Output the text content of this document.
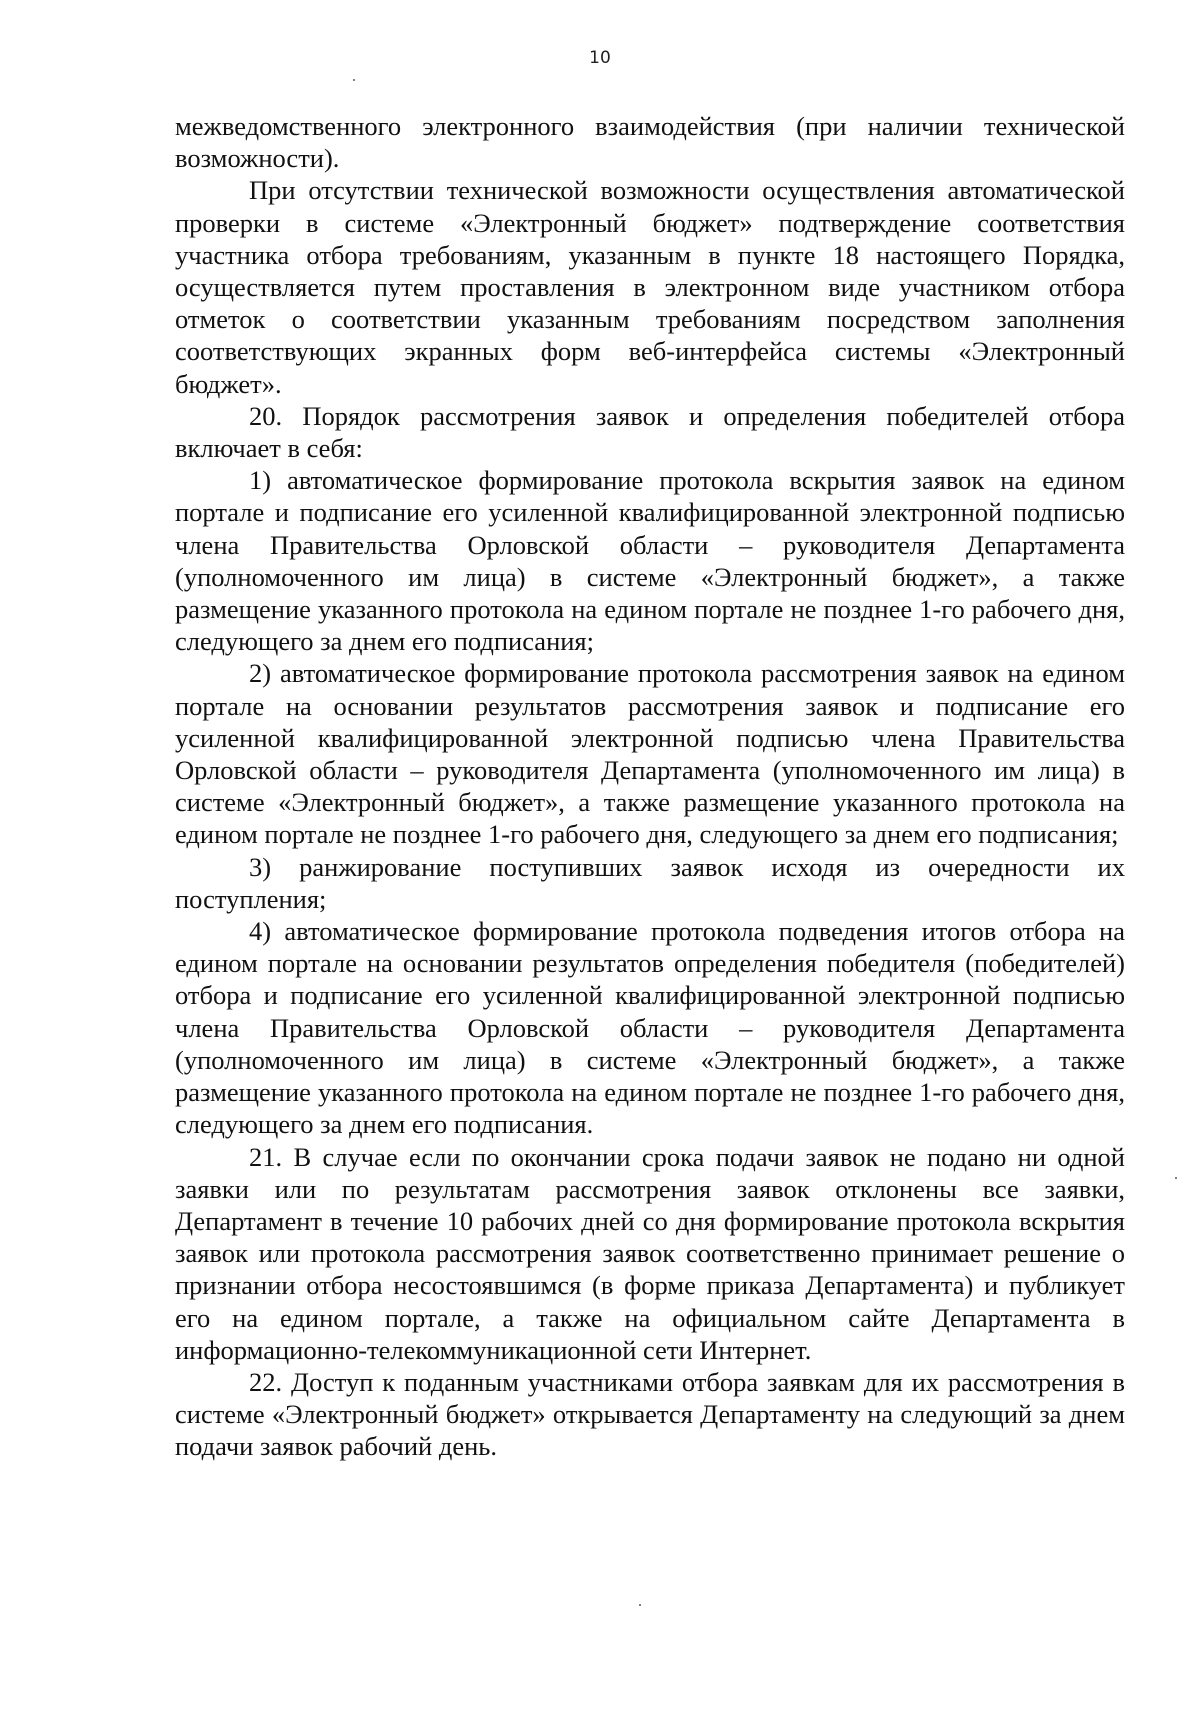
10

межведомственного электронного взаимодействия (при наличии технической возможности).

При отсутствии технической возможности осуществления автоматической проверки в системе «Электронный бюджет» подтверждение соответствия участника отбора требованиям, указанным в пункте 18 настоящего Порядка, осуществляется путем проставления в электронном виде участником отбора отметок о соответствии указанным требованиям посредством заполнения соответствующих экранных форм веб-интерфейса системы «Электронный бюджет».

20. Порядок рассмотрения заявок и определения победителей отбора включает в себя:

1) автоматическое формирование протокола вскрытия заявок на едином портале и подписание его усиленной квалифицированной электронной подписью члена Правительства Орловской области – руководителя Департамента (уполномоченного им лица) в системе «Электронный бюджет», а также размещение указанного протокола на едином портале не позднее 1-го рабочего дня, следующего за днем его подписания;

2) автоматическое формирование протокола рассмотрения заявок на едином портале на основании результатов рассмотрения заявок и подписание его усиленной квалифицированной электронной подписью члена Правительства Орловской области – руководителя Департамента (уполномоченного им лица) в системе «Электронный бюджет», а также размещение указанного протокола на едином портале не позднее 1-го рабочего дня, следующего за днем его подписания;

3) ранжирование поступивших заявок исходя из очередности их поступления;

4) автоматическое формирование протокола подведения итогов отбора на едином портале на основании результатов определения победителя (победителей) отбора и подписание его усиленной квалифицированной электронной подписью члена Правительства Орловской области – руководителя Департамента (уполномоченного им лица) в системе «Электронный бюджет», а также размещение указанного протокола на едином портале не позднее 1-го рабочего дня, следующего за днем его подписания.

21. В случае если по окончании срока подачи заявок не подано ни одной заявки или по результатам рассмотрения заявок отклонены все заявки, Департамент в течение 10 рабочих дней со дня формирование протокола вскрытия заявок или протокола рассмотрения заявок соответственно принимает решение о признании отбора несостоявшимся (в форме приказа Департамента) и публикует его на едином портале, а также на официальном сайте Департамента в информационно-телекоммуникационной сети Интернет.

22. Доступ к поданным участниками отбора заявкам для их рассмотрения в системе «Электронный бюджет» открывается Департаменту на следующий за днем подачи заявок рабочий день.
